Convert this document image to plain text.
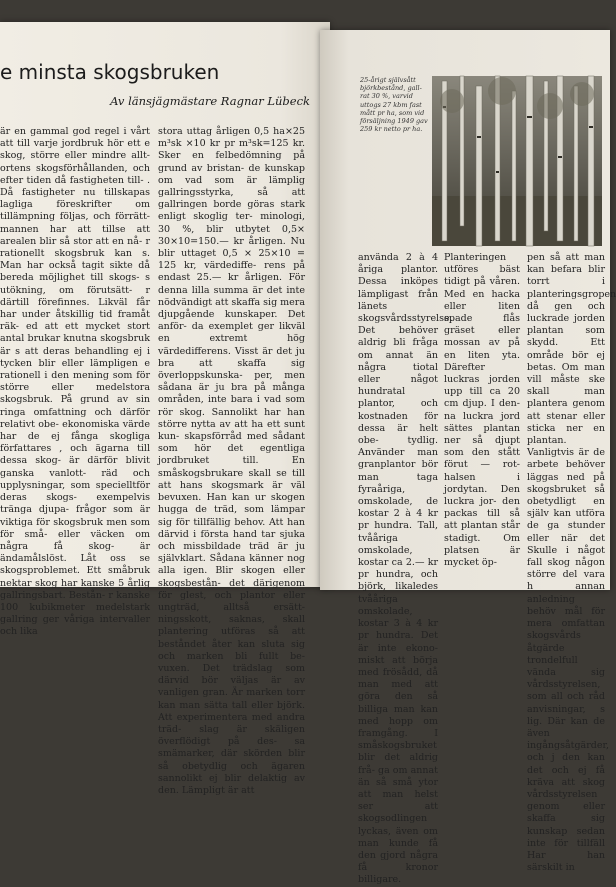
e minsta skogsbruken
Av länsjägmästare Ragnar Lübeck

är en gammal god regel i vårt att till varje jordbruk hör ett e skog, större eller mindre allt- ortens skogsförhållanden, och efter tiden då fastigheten till- . Då fastigheter nu tillskapas lagliga föreskrifter om tillämpning följas, och förrätt- mannen har att tillse att arealen blir så stor att en nå- r rationellt skogsbruk kan s. Man har också tagit sikte då bereda möjlighet till skogs- s utökning, om förutsätt- r därtill förefinnes. Likväl får har under åtskillig tid framåt räk- ed att ett mycket stort antal brukar knutna skogsbruk är s att deras behandling ej i tycken blir eller lämpligen e rationell i den mening som för större eller medelstora skogsbruk. På grund av sin ringa omfattning och därför relativt obe- ekonomiska värde har de ej fånga skogliga författares , och ägarna till dessa skog- är därför blivit ganska vanlott- räd och upplysningar, som specielltför deras skogs- exempelvis tränga djupa- frågor som är viktiga för skogsbruk men som för små- eller väcken om några få skog- är ändamålslöst. Låt oss se skogsproblemet. Ett småbruk nektar skog har kanske 5 årlig gallringsbart. Bestån- r kanske 100 kubikmeter medelstark gallring ger våriga intervaller och lika

stora uttag årligen 0,5 ha×25 m³sk ×10 kr pr m³sk=125 kr. Sker en felbedömning på grund av bristan- de kunskap om vad som är lämplig gallringsstyrka, så att gallringen borde göras stark enligt skoglig ter- minologi, 30 %, blir utbytet 0,5× 30×10=150.— kr årligen. Nu blir uttaget 0,5 × 25×10 = 125 kr, värdediffe- rens på endast 25.— kr årligen. För denna lilla summa är det inte nödvändigt att skaffa sig mera djupgående kunskaper. Det anför- da exemplet ger likväl en extremt hög värdedifferens. Visst är det ju bra att skaffa sig överloppskunska- per, men sådana är ju bra på många områden, inte bara i vad som rör skog. Sannolikt har han större nytta av att ha ett sunt kun- skapsförråd med sådant som hör det egentliga jordbruket till. En småskogsbrukare skall se till att hans skogsmark är väl bevuxen. Han kan ur skogen hugga de träd, som lämpar sig för tillfällig behov. Att han därvid i första hand tar sjuka och missbildade träd är ju självklart. Sådana känner nog alla igen. Blir skogen eller skogsbestån- det därigenom för glest, och plantor eller ungträd, alltså ersätt- ningsskott, saknas, skall plantering utföras så att beståndet åter kan sluta sig och marken bli fullt be- vuxen. Det trädslag som därvid bör väljas är av vanligen gran. Är marken torr kan man sätta tall eller björk. Att experimentera med andra träd- slag är skäligen överflödigt på des- sa smämarker, där skörden blir så obetydlig och ägaren sannolikt ej blir delaktig av den. Lämpligt är att

25-årigt självsått björkbestånd, gall- rat 30 %, varvid uttogs 27 kbm fast mått pr ha, som vid försäljning 1949 gav 259 kr netto pr ha.

använda 2 à 4 åriga plantor. Dessa inköpes lämpligast från länets skogsvårdsstyrelse. Det behöver aldrig bli fråga om annat än några tiotal eller något hundratal plantor, och kostnaden för dessa är helt obe- tydlig. Använder man granplantor bör man taga fyraåriga, omskolade, de kostar 2 à 4 kr pr hundra. Tall, tvååriga omskolade, kostar ca 2.— kr pr hundra, och björk, likaledes tvååriga omskolade, kostar 3 à 4 kr pr hundra. Det är inte ekono- miskt att börja med frösådd, då man med att göra den så billiga man kan med hopp om framgång. I småskogsbruket blir det aldrig frå- ga om annat än så små ytor att man helst ser att skogsodlingen lyckas, även om man kunde få den gjord några få kronor billigare.

Planteringen utföres bäst tidigt på våren. Med en hacka eller liten spade flås gräset eller mossan av på en liten yta. Därefter luckras jorden upp till ca 20 cm djup. I den- na luckra jord sättes plantan ner så djupt som den stått förut — rot- halsen i jordytan. Den luckra jor- den packas till så att plantan står stadigt. Om platsen är mycket öp-

pen så att man kan befara blir torrt i planteringsgropen då gen och luckrade jorden plantan som skydd. Ett område bör ej betas. Om man vill måste ske skall man plantera genom att stenar eller sticka ner en plantan. Vanligtvis är de arbete behöver läggas ned på skogsbruket så obetydligt en själv kan utföra de ga stunder eller när det Skulle i något fall skog någon större del vara h annan anledning behöv mål för mera omfattan skogsvårds åtgärde trondelfull vända sig vårdsstyrelsen, som all och råd anvisningar, s lig. Där kan de även ingångsåtgärder, och j den kan det och ej få kräva att skog vårdsstyrelsen genom eller skaffa sig kunskap sedan inte för tillfäll Har han särskilt in
